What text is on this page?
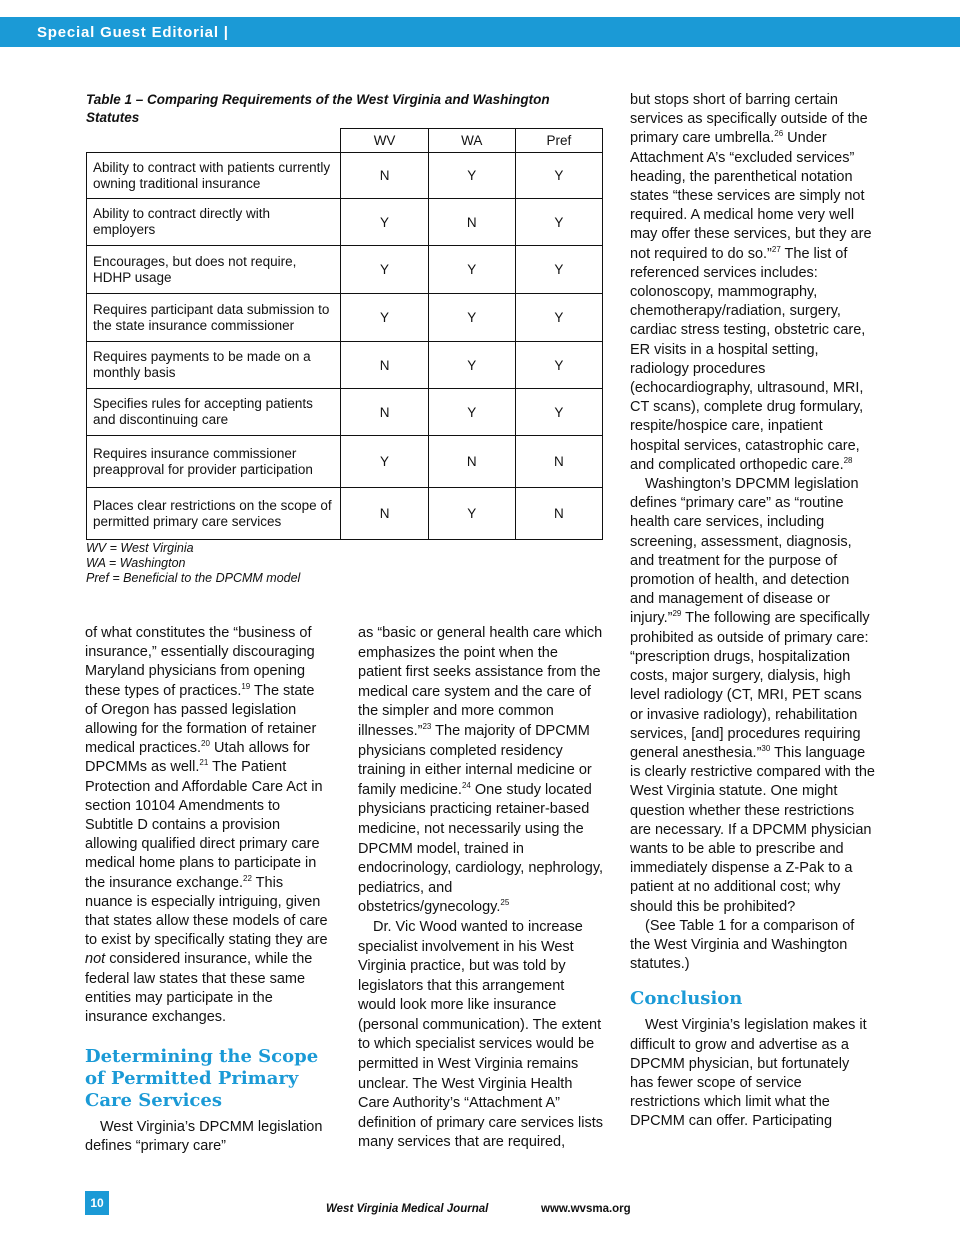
Special Guest Editorial |
Table 1 – Comparing Requirements of the West Virginia and Washington Statutes
	WV	WA	Pref
Ability to contract with patients currently owning traditional insurance	N	Y	Y
Ability to contract directly with employers	Y	N	Y
Encourages, but does not require, HDHP usage	Y	Y	Y
Requires participant data submission to the state insurance commissioner	Y	Y	Y
Requires payments to be made on a monthly basis	N	Y	Y
Specifies rules for accepting patients and discontinuing care	N	Y	Y
Requires insurance commissioner preapproval for provider participation	Y	N	N
Places clear restrictions on the scope of permitted primary care services	N	Y	N
WV = West Virginia
WA = Washington
Pref = Beneficial to the DPCMM model

of what constitutes the “business of insurance,” essentially discouraging Maryland physicians from opening these types of practices.$^{19}$ The state of Oregon has passed legislation allowing for the formation of retainer medical practices.$^{20}$ Utah allows for DPCMMs as well.$^{21}$ The Patient Protection and Affordable Care Act in section 10104 Amendments to Subtitle D contains a provision allowing qualified direct primary care medical home plans to participate in the insurance exchange.$^{22}$ This nuance is especially intriguing, given that states allow these models of care to exist by specifically stating they are not considered insurance, while the federal law states that these same entities may participate in the insurance exchanges.

Determining the Scope of Permitted Primary Care Services

West Virginia’s DPCMM legislation defines “primary care”

as “basic or general health care which emphasizes the point when the patient first seeks assistance from the medical care system and the care of the simpler and more common illnesses.”$^{23}$ The majority of DPCMM physicians completed residency training in either internal medicine or family medicine.$^{24}$ One study located physicians practicing retainer-based medicine, not necessarily using the DPCMM model, trained in endocrinology, cardiology, nephrology, pediatrics, and obstetrics/gynecology.$^{25}$

Dr. Vic Wood wanted to increase specialist involvement in his West Virginia practice, but was told by legislators that this arrangement would look more like insurance (personal communication). The extent to which specialist services would be permitted in West Virginia remains unclear. The West Virginia Health Care Authority’s “Attachment A” definition of primary care services lists many services that are required,

but stops short of barring certain services as specifically outside of the primary care umbrella.$^{26}$ Under Attachment A’s “excluded services” heading, the parenthetical notation states “these services are simply not required. A medical home very well may offer these services, but they are not required to do so.”$^{27}$ The list of referenced services includes: colonoscopy, mammography, chemotherapy/radiation, surgery, cardiac stress testing, obstetric care, ER visits in a hospital setting, radiology procedures (echocardiography, ultrasound, MRI, CT scans), complete drug formulary, respite/hospice care, inpatient hospital services, catastrophic care, and complicated orthopedic care.$^{28}$

Washington’s DPCMM legislation defines “primary care” as “routine health care services, including screening, assessment, diagnosis, and treatment for the purpose of promotion of health, and detection and management of disease or injury.”$^{29}$ The following are specifically prohibited as outside of primary care: “prescription drugs, hospitalization costs, major surgery, dialysis, high level radiology (CT, MRI, PET scans or invasive radiology), rehabilitation services, [and] procedures requiring general anesthesia.”$^{30}$ This language is clearly restrictive compared with the West Virginia statute. One might question whether these restrictions are necessary. If a DPCMM physician wants to be able to prescribe and immediately dispense a Z-Pak to a patient at no additional cost; why should this be prohibited?

(See Table 1 for a comparison of the West Virginia and Washington statutes.)

Conclusion

West Virginia’s legislation makes it difficult to grow and advertise as a DPCMM physician, but fortunately has fewer scope of service restrictions which limit what the DPCMM can offer. Participating

10	West Virginia Medical Journal	www.wvsma.org
